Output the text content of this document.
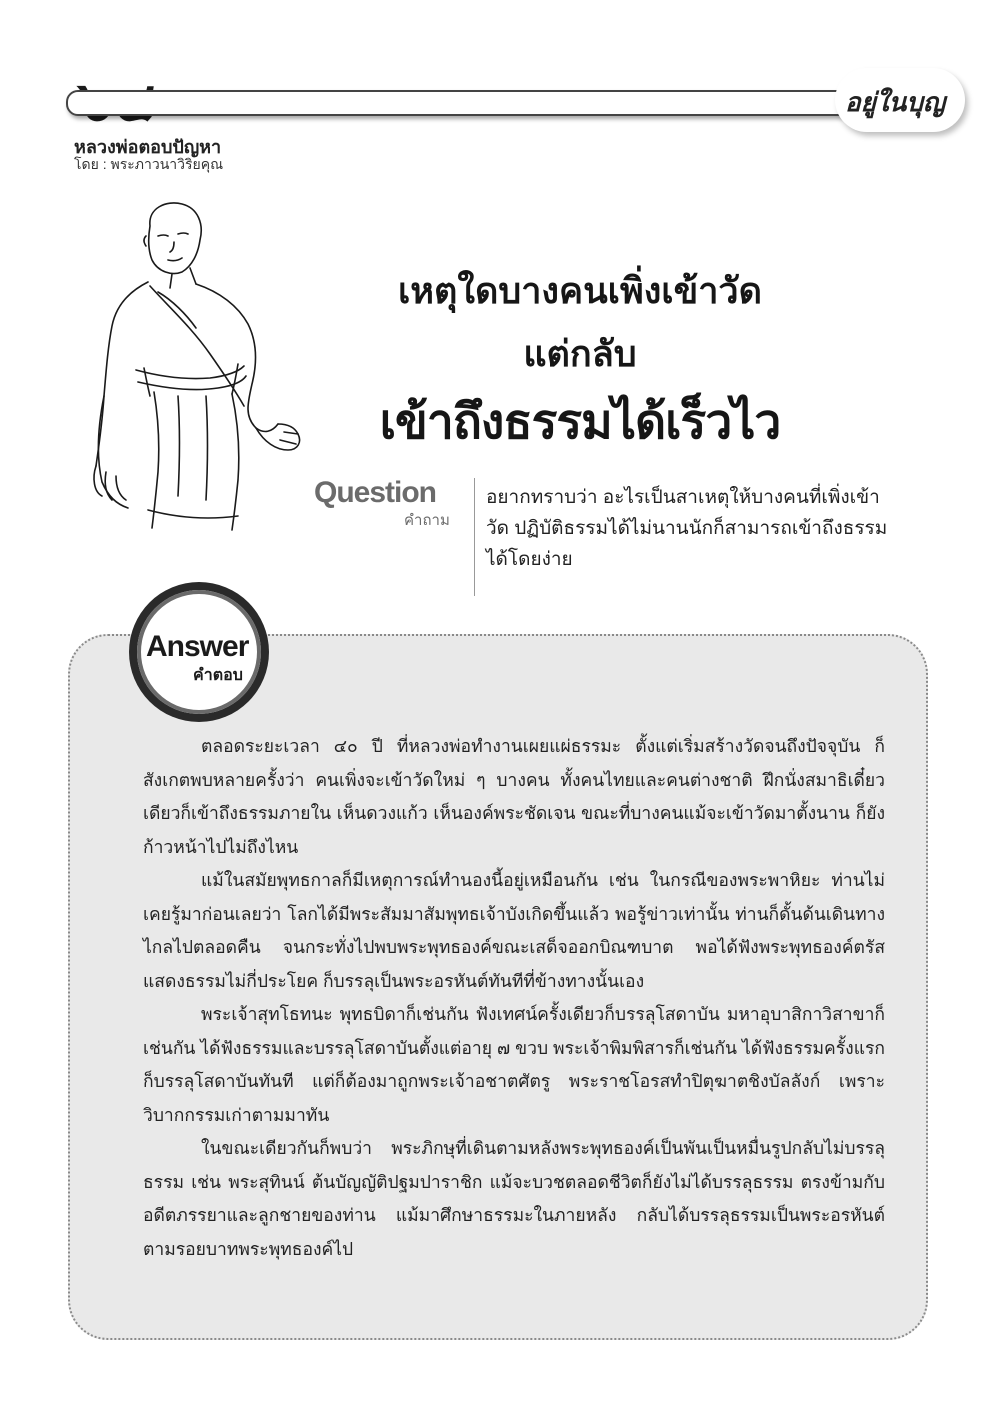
อยู่ในบุญ
หลวงพ่อตอบปัญหา
โดย : พระภาวนาวิริยคุณ
เหตุใดบางคนเพิ่งเข้าวัด
แต่กลับ
เข้าถึงธรรมได้เร็วไว
Question
คำถาม

อยากทราบว่า อะไรเป็นสาเหตุให้บางคนที่เพิ่งเข้าวัด ปฏิบัติธรรมได้ไม่นานนักก็สามารถเข้าถึงธรรมได้โดยง่าย

Answer
คำตอบ

ตลอดระยะเวลา ๔๐ ปี ที่หลวงพ่อทำงานเผยแผ่ธรรมะ ตั้งแต่เริ่มสร้างวัดจนถึงปัจจุบัน ก็สังเกตพบหลายครั้งว่า คนเพิ่งจะเข้าวัดใหม่ ๆ บางคน ทั้งคนไทยและคนต่างชาติ ฝึกนั่งสมาธิเดี๋ยวเดียวก็เข้าถึงธรรมภายใน เห็นดวงแก้ว เห็นองค์พระชัดเจน ขณะที่บางคนแม้จะเข้าวัดมาตั้งนาน ก็ยังก้าวหน้าไปไม่ถึงไหน

แม้ในสมัยพุทธกาลก็มีเหตุการณ์ทำนองนี้อยู่เหมือนกัน เช่น ในกรณีของพระพาหิยะ ท่านไม่เคยรู้มาก่อนเลยว่า โลกได้มีพระสัมมาสัมพุทธเจ้าบังเกิดขึ้นแล้ว พอรู้ข่าวเท่านั้น ท่านก็ดั้นด้นเดินทางไกลไปตลอดคืน จนกระทั่งไปพบพระพุทธองค์ขณะเสด็จออกบิณฑบาต พอได้ฟังพระพุทธองค์ตรัสแสดงธรรมไม่กี่ประโยค ก็บรรลุเป็นพระอรหันต์ทันทีที่ข้างทางนั้นเอง

พระเจ้าสุทโธทนะ พุทธบิดาก็เช่นกัน ฟังเทศน์ครั้งเดียวก็บรรลุโสดาบัน มหาอุบาสิกาวิสาขาก็เช่นกัน ได้ฟังธรรมและบรรลุโสดาบันตั้งแต่อายุ ๗ ขวบ พระเจ้าพิมพิสารก็เช่นกัน ได้ฟังธรรมครั้งแรกก็บรรลุโสดาบันทันที แต่ก็ต้องมาถูกพระเจ้าอชาตศัตรู พระราชโอรสทำปิตุฆาตชิงบัลลังก์ เพราะวิบากกรรมเก่าตามมาทัน

ในขณะเดียวกันก็พบว่า พระภิกษุที่เดินตามหลังพระพุทธองค์เป็นพันเป็นหมื่นรูปกลับไม่บรรลุธรรม เช่น พระสุทินน์ ต้นบัญญัติปฐมปาราชิก แม้จะบวชตลอดชีวิตก็ยังไม่ได้บรรลุธรรม ตรงข้ามกับอดีตภรรยาและลูกชายของท่าน แม้มาศึกษาธรรมะในภายหลัง กลับได้บรรลุธรรมเป็นพระอรหันต์ตามรอยบาทพระพุทธองค์ไป
